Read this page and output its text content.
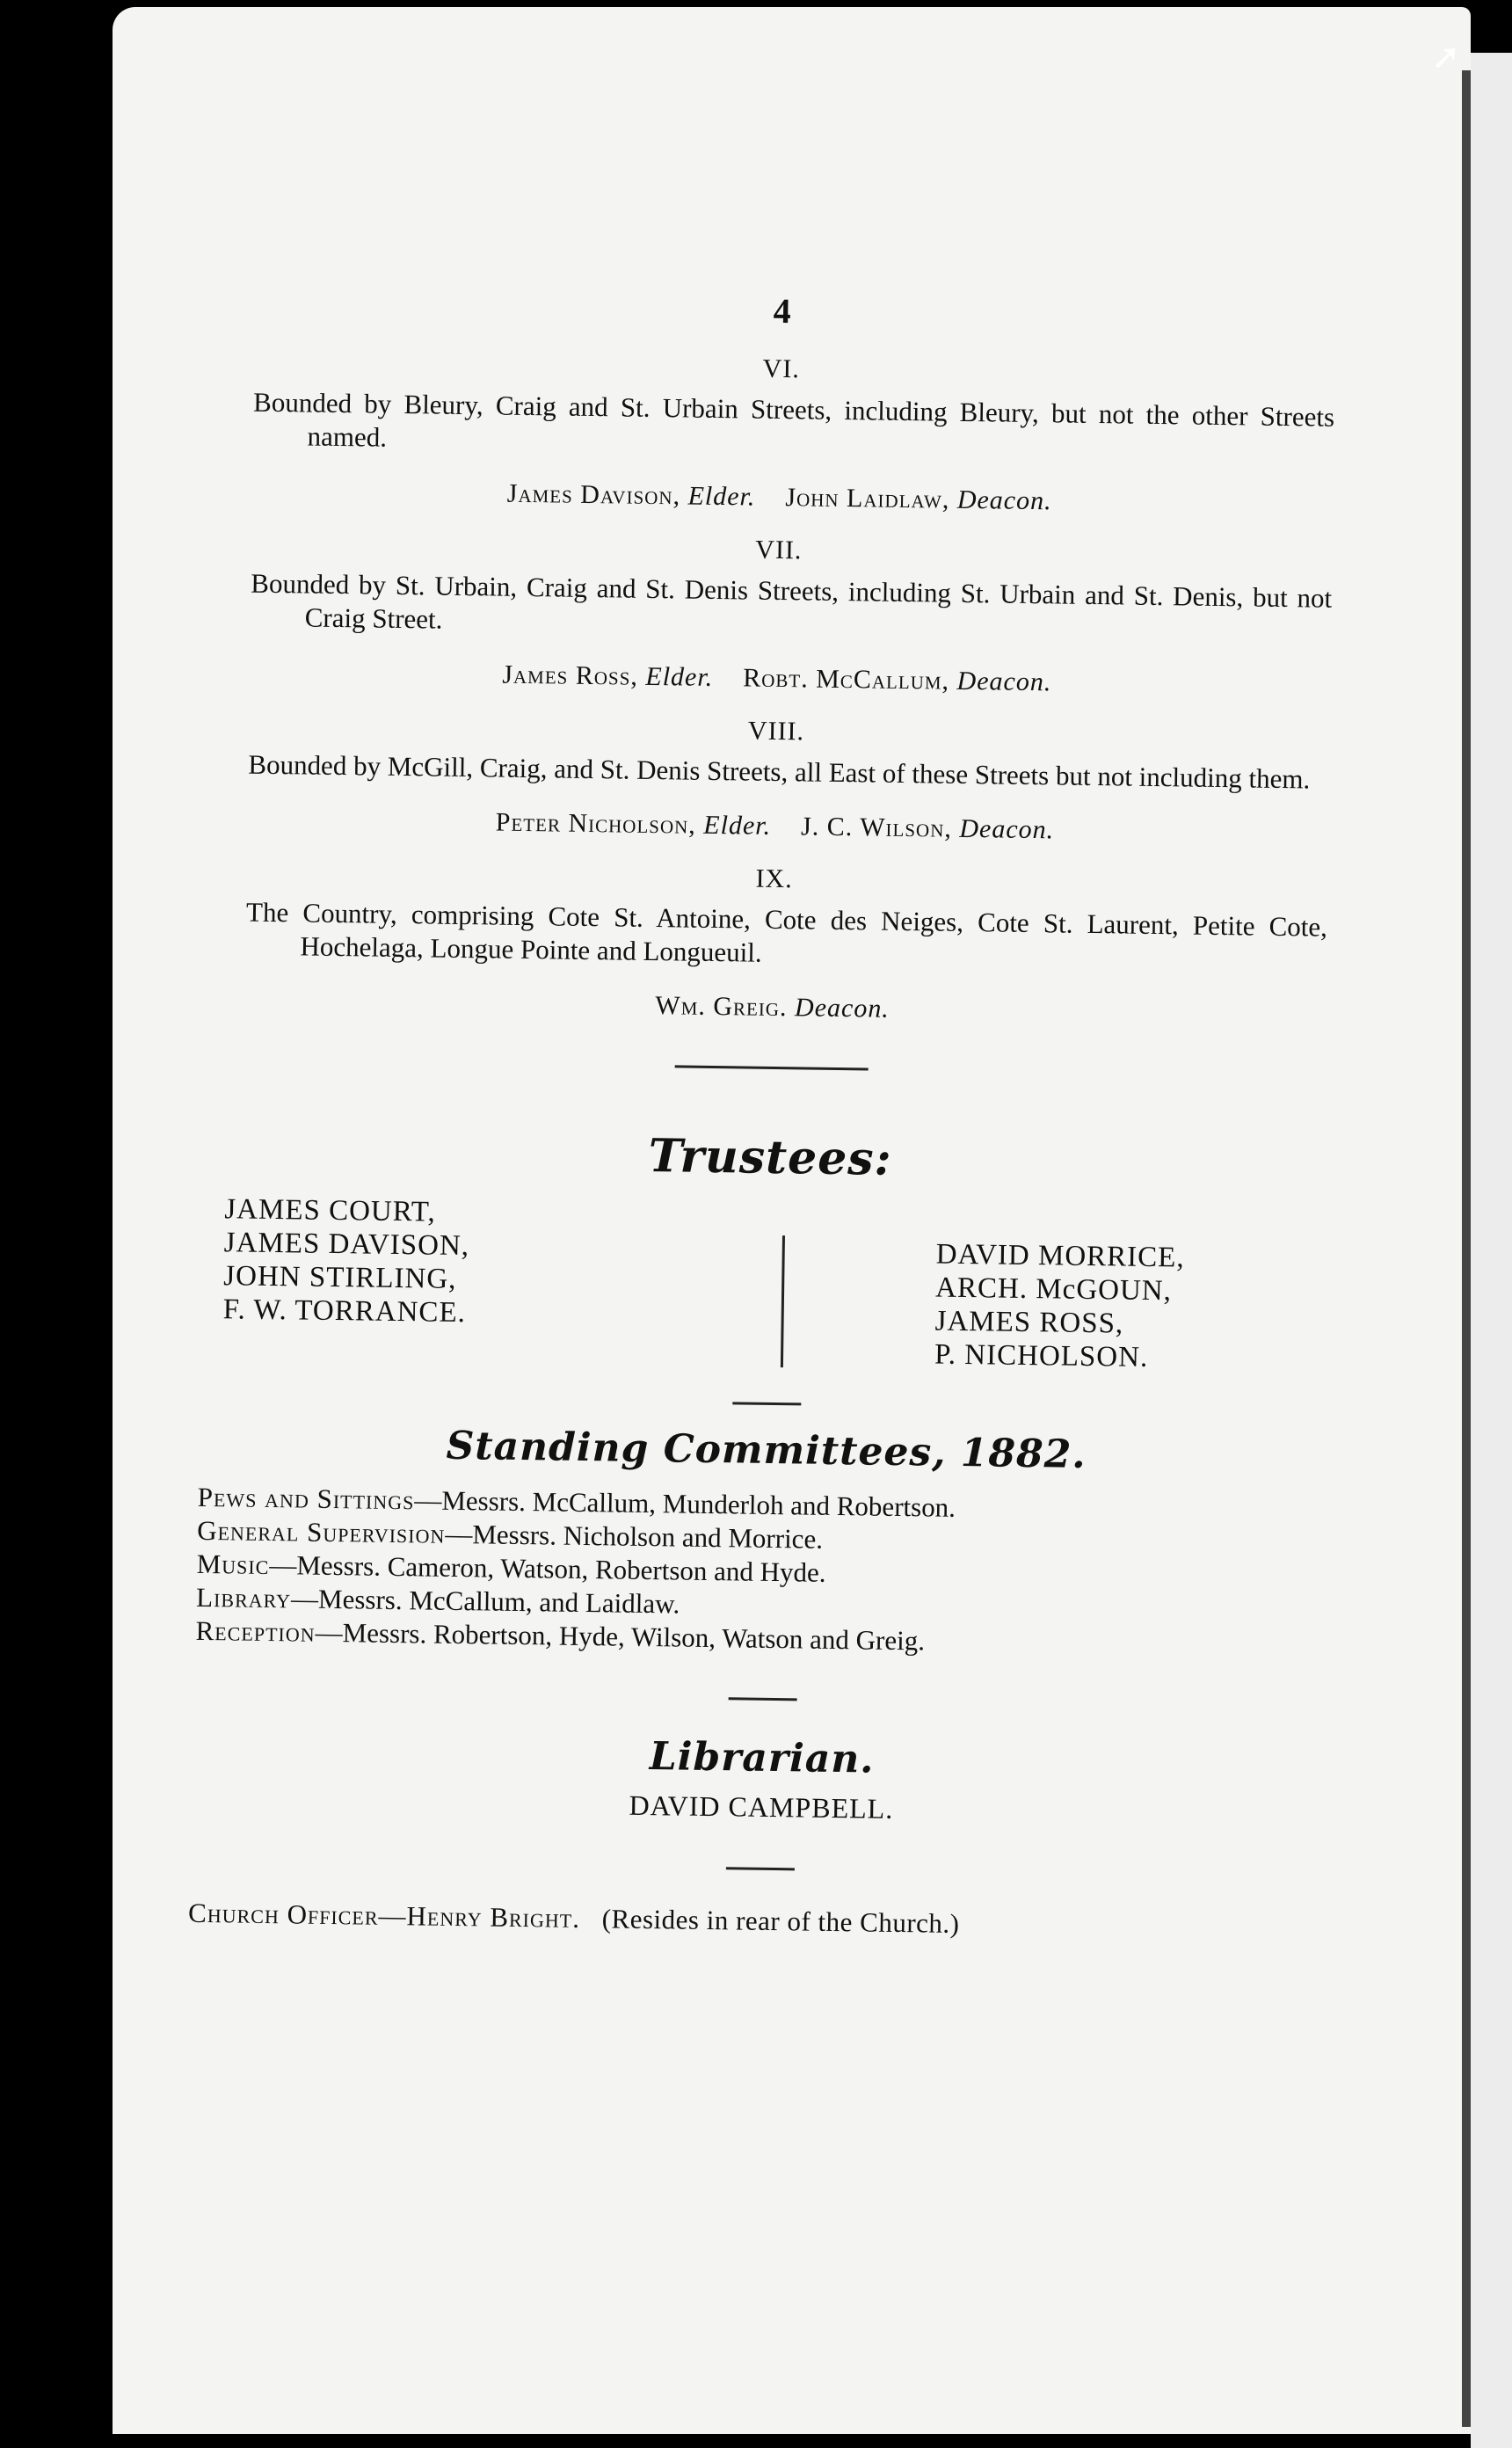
➚
4
VI.
Bounded by Bleury, Craig and St. Urbain Streets, including Bleury, but not the other Streets named.
James Davison, Elder. John Laidlaw, Deacon.
VII.
Bounded by St. Urbain, Craig and St. Denis Streets, including St. Urbain and St. Denis, but not Craig Street.
James Ross, Elder. Robt. McCallum, Deacon.
VIII.
Bounded by McGill, Craig, and St. Denis Streets, all East of these Streets but not including them.
Peter Nicholson, Elder. J. C. Wilson, Deacon.
IX.
The Country, comprising Cote St. Antoine, Cote des Neiges, Cote St. Laurent, Petite Cote, Hochelaga, Longue Pointe and Longueuil.
Wm. Greig. Deacon.
Trustees:
JAMES COURT,
JAMES DAVISON,
JOHN STIRLING,
F. W. TORRANCE.
DAVID MORRICE,
ARCH. McGOUN,
JAMES ROSS,
P. NICHOLSON.
Standing Committees, 1882.
Pews and Sittings—Messrs. McCallum, Munderloh and Robertson.
General Supervision—Messrs. Nicholson and Morrice.
Music—Messrs. Cameron, Watson, Robertson and Hyde.
Library—Messrs. McCallum, and Laidlaw.
Reception—Messrs. Robertson, Hyde, Wilson, Watson and Greig.
Librarian.
DAVID CAMPBELL.
Church Officer—Henry Bright. (Resides in rear of the Church.)
